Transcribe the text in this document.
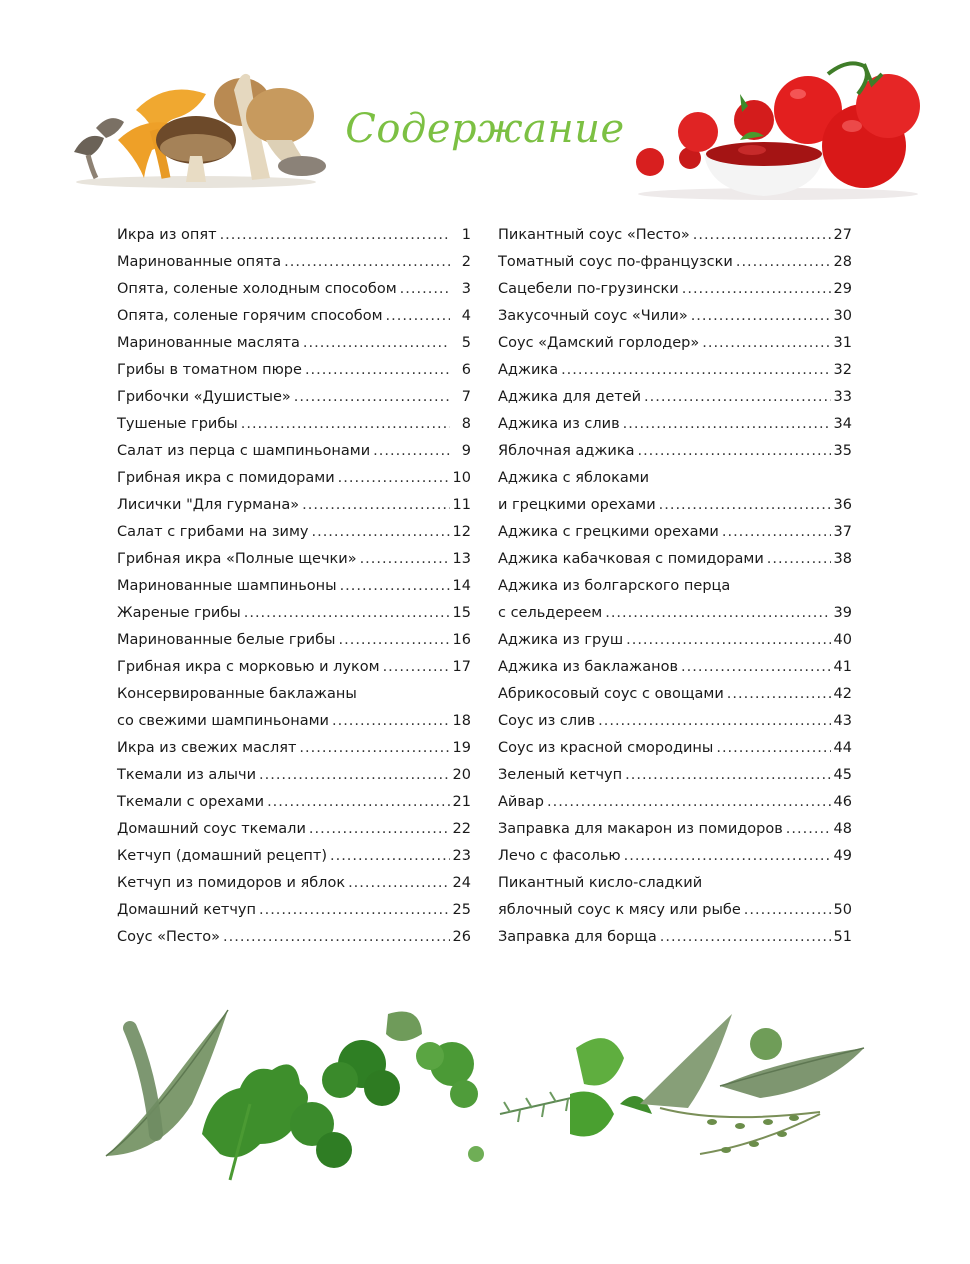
Содержание
Икра из опят .....	1
Маринованные опята .....	2
Опята, соленые холодным способом .....	3
Опята, соленые горячим способом .....	4
Маринованные маслята .....	5
Грибы в томатном пюре .....	6
Грибочки «Душистые» .....	7
Тушеные грибы .....	8
Салат из перца с шампиньонами .....	9
Грибная икра с помидорами .....	10
Лисички "Для гурмана» .....	11
Салат с грибами на зиму .....	12
Грибная икра «Полные щечки» .....	13
Маринованные шампиньоны .....	14
Жареные грибы .....	15
Маринованные белые грибы .....	16
Грибная икра с морковью и луком .....	17
Консервированные баклажаны
со свежими шампиньонами .....	18
Икра из свежих маслят .....	19
Ткемали из алычи .....	20
Ткемали с орехами .....	21
Домашний соус ткемали .....	22
Кетчуп (домашний рецепт) .....	23
Кетчуп из помидоров и яблок .....	24
Домашний кетчуп .....	25
Соус «Песто» .....	26
Пикантный соус «Песто» .....	27
Томатный соус по-французски .....	28
Сацебели по-грузински .....	29
Закусочный соус «Чили» .....	30
Соус «Дамский горлодер» .....	31
Аджика .....	32
Аджика для детей .....	33
Аджика из слив .....	34
Яблочная аджика .....	35
Аджика с яблоками
и грецкими орехами .....	36
Аджика с грецкими орехами .....	37
Аджика кабачковая с помидорами .....	38
Аджика из болгарского перца
с сельдереем .....	39
Аджика из груш .....	40
Аджика из баклажанов .....	41
Абрикосовый соус с овощами .....	42
Соус из слив .....	43
Соус из красной смородины .....	44
Зеленый кетчуп .....	45
Айвар .....	46
Заправка для макарон из помидоров .....	48
Лечо с фасолью .....	49
Пикантный кисло-сладкий
яблочный соус к мясу или рыбе .....	50
Заправка для борща .....	51
